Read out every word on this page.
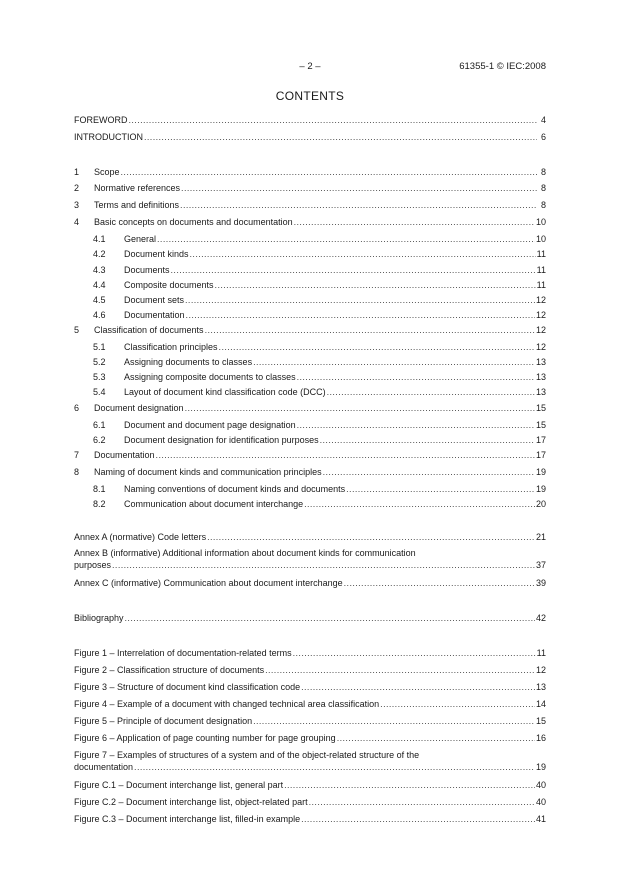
– 2 –	61355-1 © IEC:2008
CONTENTS
FOREWORD .....	4
INTRODUCTION .....	6
1	Scope .....	8
2	Normative references .....	8
3	Terms and definitions .....	8
4	Basic concepts on documents and documentation .....	10
4.1	General .....	10
4.2	Document kinds .....	11
4.3	Documents .....	11
4.4	Composite documents .....	11
4.5	Document sets .....	12
4.6	Documentation .....	12
5	Classification of documents .....	12
5.1	Classification principles .....	12
5.2	Assigning documents to classes .....	13
5.3	Assigning composite documents to classes .....	13
5.4	Layout of document kind classification code (DCC) .....	13
6	Document designation .....	15
6.1	Document and document page designation .....	15
6.2	Document designation for identification purposes .....	17
7	Documentation .....	17
8	Naming of document kinds and communication principles .....	19
8.1	Naming conventions of document kinds and documents .....	19
8.2	Communication about document interchange .....	20
Annex A (normative) Code letters .....	21
Annex B (informative) Additional information about document kinds for communication
purposes .....	37
Annex C (informative) Communication about document interchange .....	39
Bibliography .....	42
Figure 1 – Interrelation of documentation-related terms .....	11
Figure 2 – Classification structure of documents .....	12
Figure 3 – Structure of document kind classification code .....	13
Figure 4 – Example of a document with changed technical area classification .....	14
Figure 5 – Principle of document designation .....	15
Figure 6 – Application of page counting number for page grouping .....	16
Figure 7 – Examples of structures of a system and of the object-related structure of the
documentation .....	19
Figure C.1 – Document interchange list, general part .....	40
Figure C.2 – Document interchange list, object-related part .....	40
Figure C.3 – Document interchange list, filled-in example .....	41
